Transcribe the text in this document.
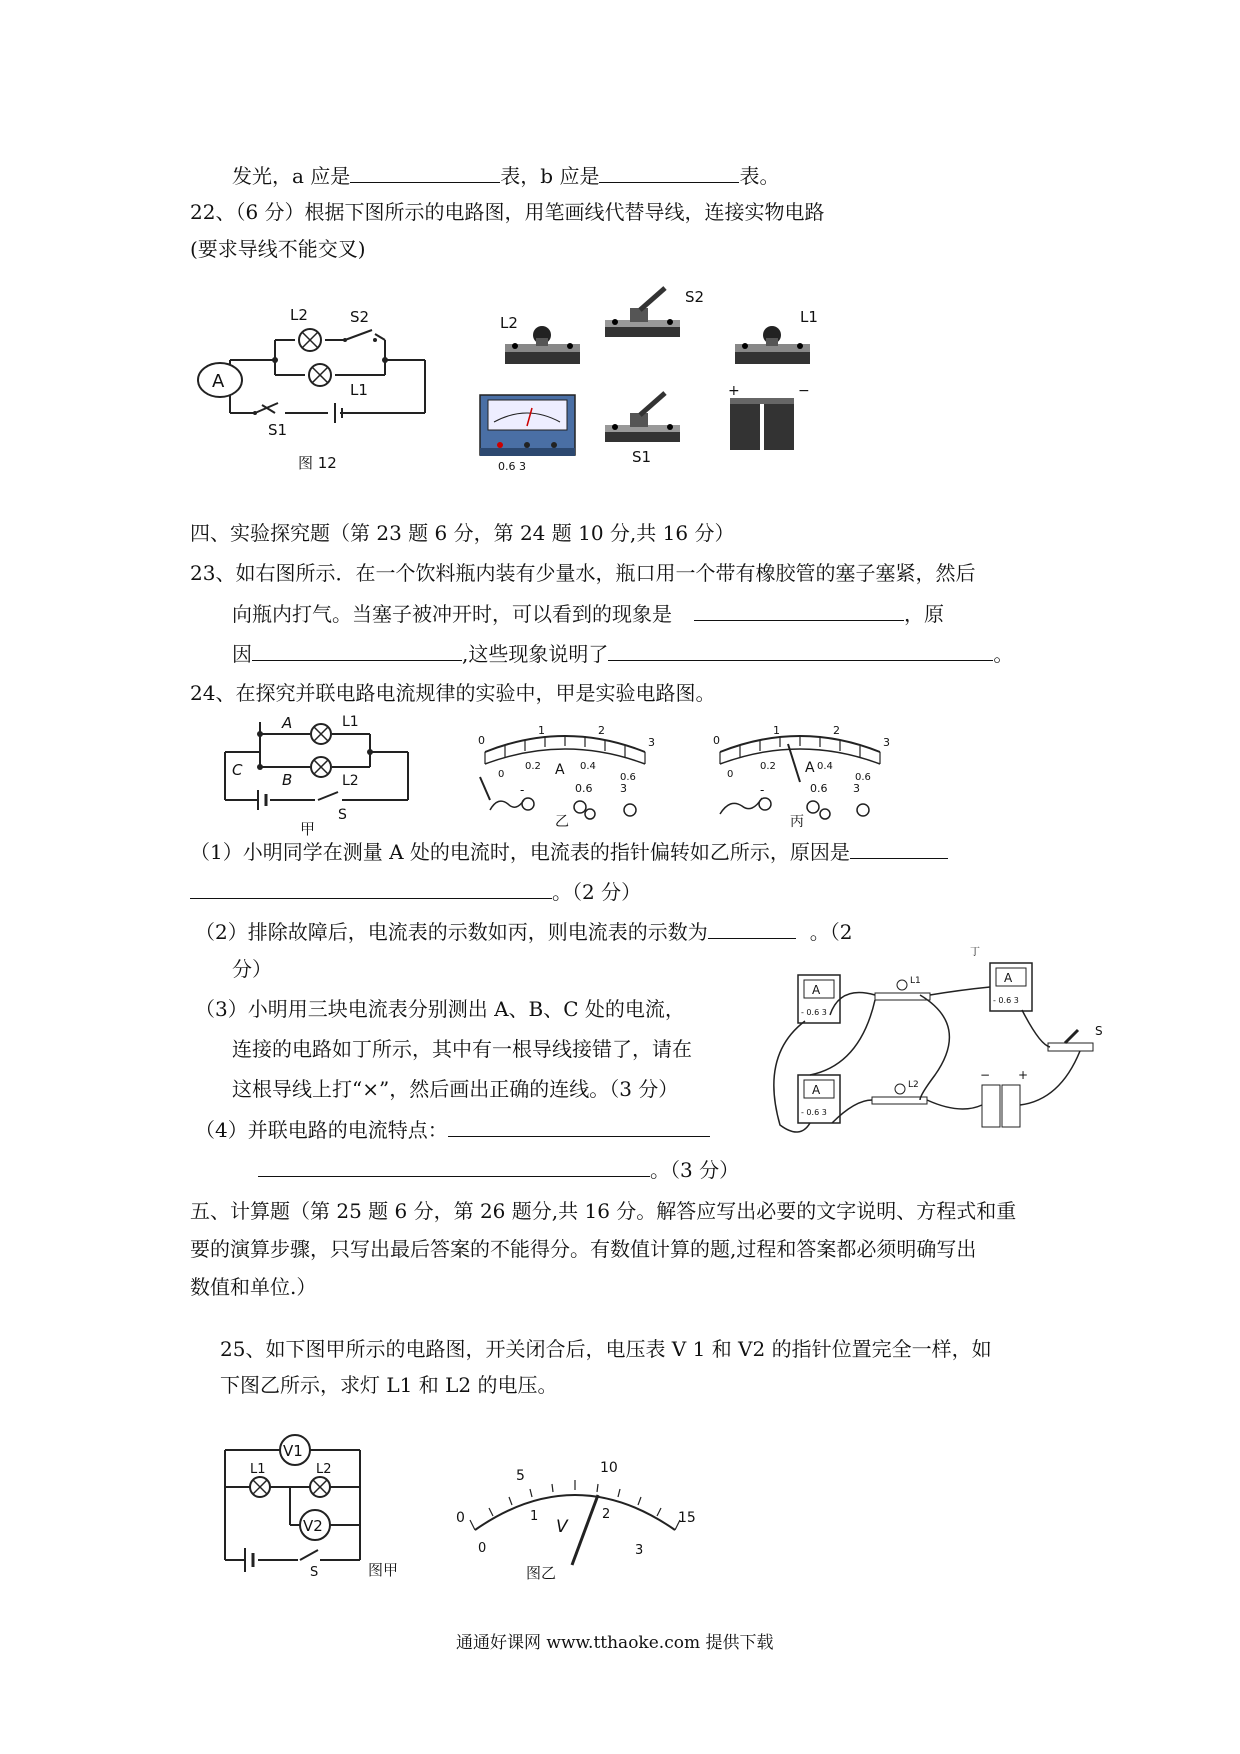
发光，a 应是	表，b 应是	表。
22、（6 分）根据下图所示的电路图，用笔画线代替导线，连接实物电路
(要求导线不能交叉)
A
L2	S2
L1
S1
图 12
L2
S2
L1
0.6 3
S1
+	−
四、实验探究题（第 23 题 6 分，第 24 题 10 分,共 16 分）
23、如右图所示．在一个饮料瓶内装有少量水，瓶口用一个带有橡胶管的塞子塞紧，然后
向瓶内打气。当塞子被冲开时，可以看到的现象是	，原
因	,这些现象说明了	。
24、在探究并联电路电流规律的实验中，甲是实验电路图。
A
B
C
L1
L2
S
甲
0
1	2
3
0
0.2	0.4
0.6
A
-	0.6	3
乙
0
1	2
3
0
0.2	0.4
0.6
A
-	0.6 3
丙
（1）小明同学在测量 A 处的电流时，电流表的指针偏转如乙所示，原因是
。（2 分）
（2）排除故障后，电流表的示数如丙，则电流表的示数为	。（2
分）
（3）小明用三块电流表分别测出 A、B、C 处的电流，
连接的电路如丁所示，其中有一根导线接错了，请在
这根导线上打“×”，然后画出正确的连线。（3 分）
（4）并联电路的电流特点：
。（3 分）
A
- 0.6 3
A
- 0.6 3
A
- 0.6 3
L1
L2
S
− +
丁
五、计算题（第 25 题 6 分，第 26 题分,共 16 分。解答应写出必要的文字说明、方程式和重
要的演算步骤，只写出最后答案的不能得分。有数值计算的题,过程和答案都必须明确写出
数值和单位.）
25、如下图甲所示的电路图，开关闭合后，电压表 V 1 和 V2 的指针位置完全一样，如
下图乙所示，求灯 L1 和 L2 的电压。
V1
V2
L1	L2
S	图甲
0
5	10
15
0
1	2
3
V
图乙
通通好课网 www.tthaoke.com 提供下载
